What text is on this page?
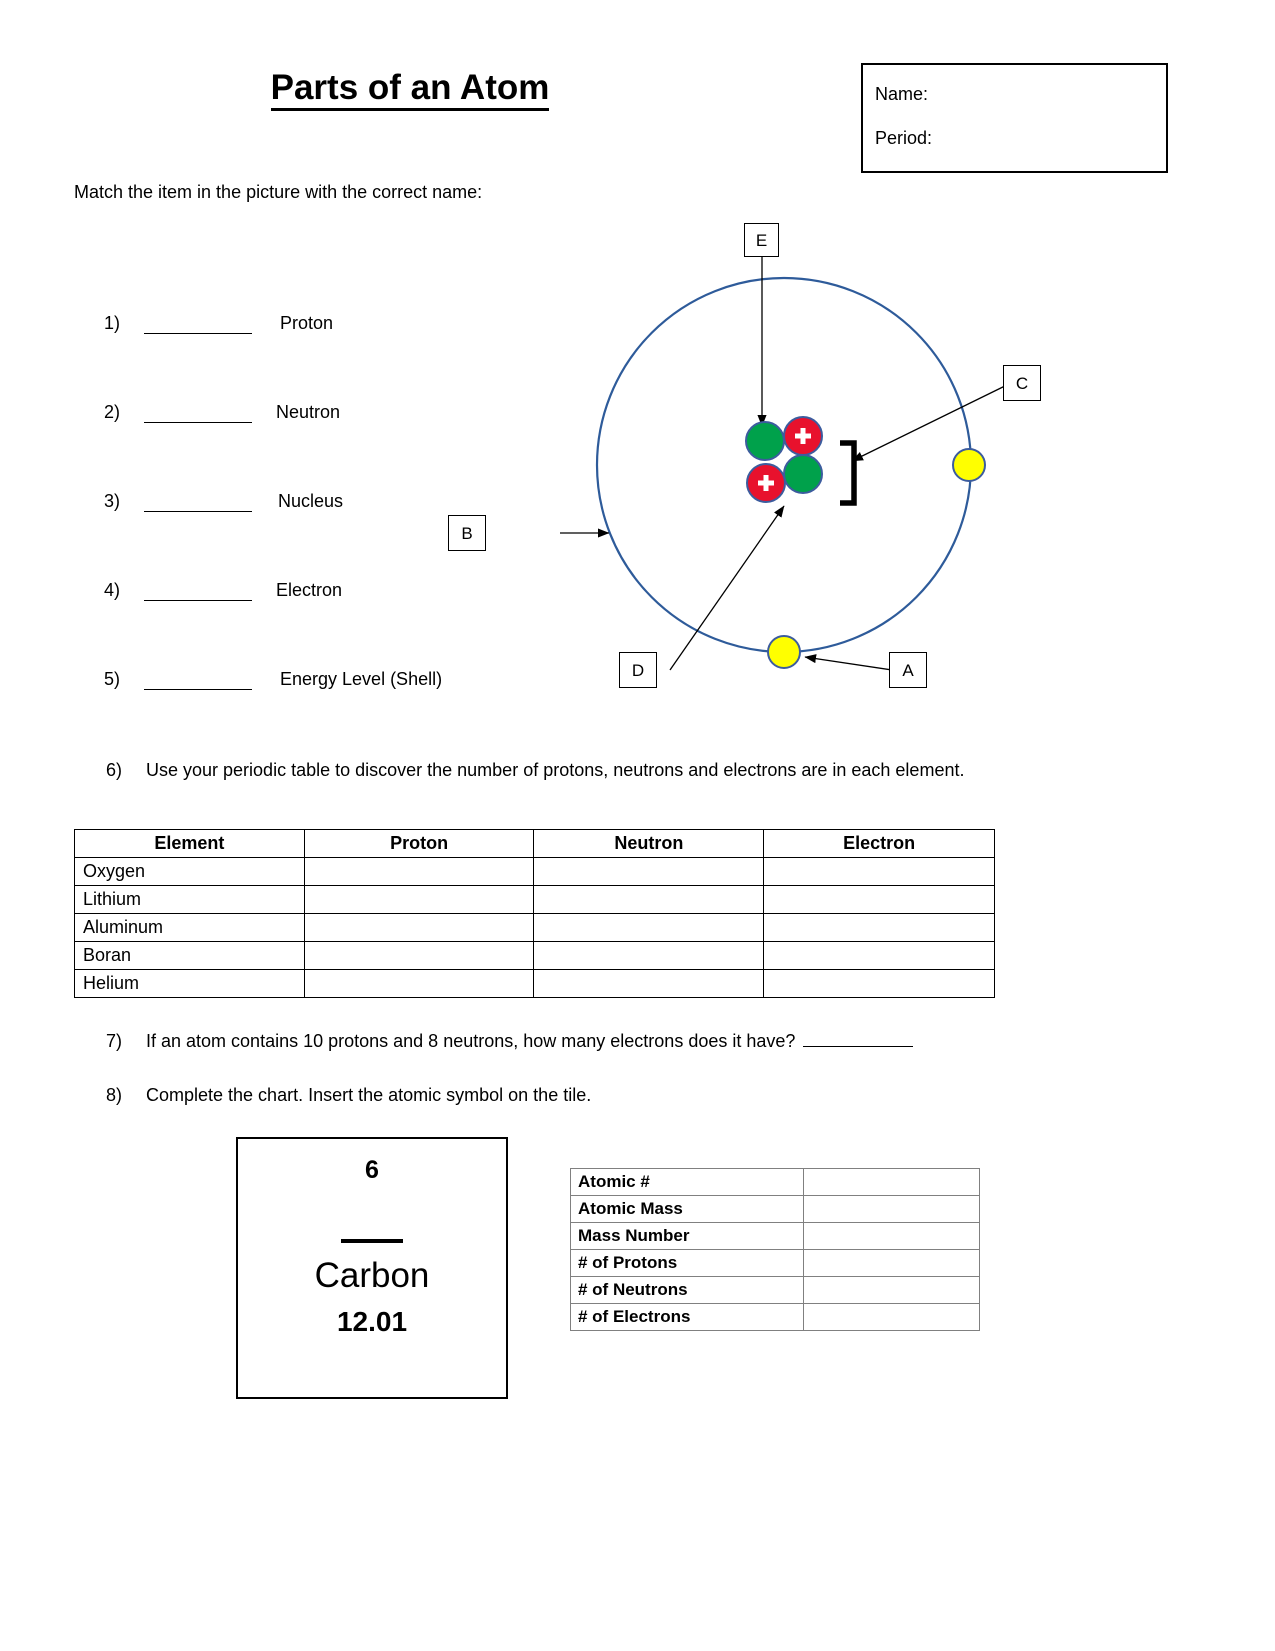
Parts of an Atom	Name:
Period:
Match the item in the picture with the correct name:
1)	Proton
2)	Neutron
3)	Nucleus
4)	Electron
5)	Energy Level (Shell)
E
C
B
D	A
6) Use your periodic table to discover the number of protons, neutrons and electrons are in each element.
Element	Proton	Neutron	Electron
Oxygen			
Lithium			
Aluminum			
Boran			
Helium			
7) If an atom contains 10 protons and 8 neutrons, how many electrons does it have?
8) Complete the chart. Insert the atomic symbol on the tile.
6
Carbon
12.01
Atomic #	
Atomic Mass	
Mass Number	
# of Protons	
# of Neutrons	
# of Electrons	
